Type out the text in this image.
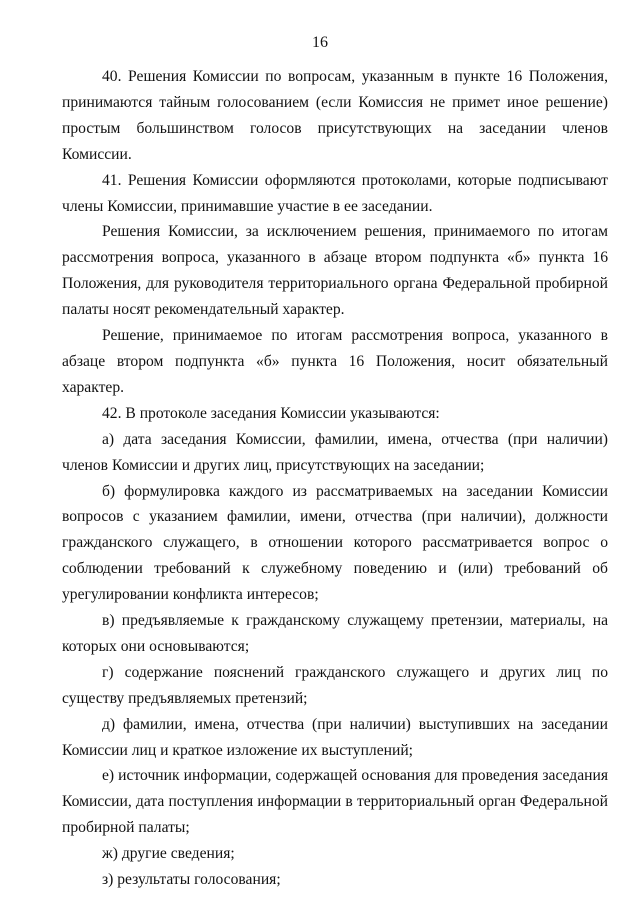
16

40. Решения Комиссии по вопросам, указанным в пункте 16 Положения, принимаются тайным голосованием (если Комиссия не примет иное решение) простым большинством голосов присутствующих на заседании членов Комиссии.

41. Решения Комиссии оформляются протоколами, которые подписывают члены Комиссии, принимавшие участие в ее заседании.

Решения Комиссии, за исключением решения, принимаемого по итогам рассмотрения вопроса, указанного в абзаце втором подпункта «б» пункта 16 Положения, для руководителя территориального органа Федеральной пробирной палаты носят рекомендательный характер.

Решение, принимаемое по итогам рассмотрения вопроса, указанного в абзаце втором подпункта «б» пункта 16 Положения, носит обязательный характер.

42. В протоколе заседания Комиссии указываются:

а) дата заседания Комиссии, фамилии, имена, отчества (при наличии) членов Комиссии и других лиц, присутствующих на заседании;

б) формулировка каждого из рассматриваемых на заседании Комиссии вопросов с указанием фамилии, имени, отчества (при наличии), должности гражданского служащего, в отношении которого рассматривается вопрос о соблюдении требований к служебному поведению и (или) требований об урегулировании конфликта интересов;

в) предъявляемые к гражданскому служащему претензии, материалы, на которых они основываются;

г) содержание пояснений гражданского служащего и других лиц по существу предъявляемых претензий;

д) фамилии, имена, отчества (при наличии) выступивших на заседании Комиссии лиц и краткое изложение их выступлений;

е) источник информации, содержащей основания для проведения заседания Комиссии, дата поступления информации в территориальный орган Федеральной пробирной палаты;

ж) другие сведения;

з) результаты голосования;
